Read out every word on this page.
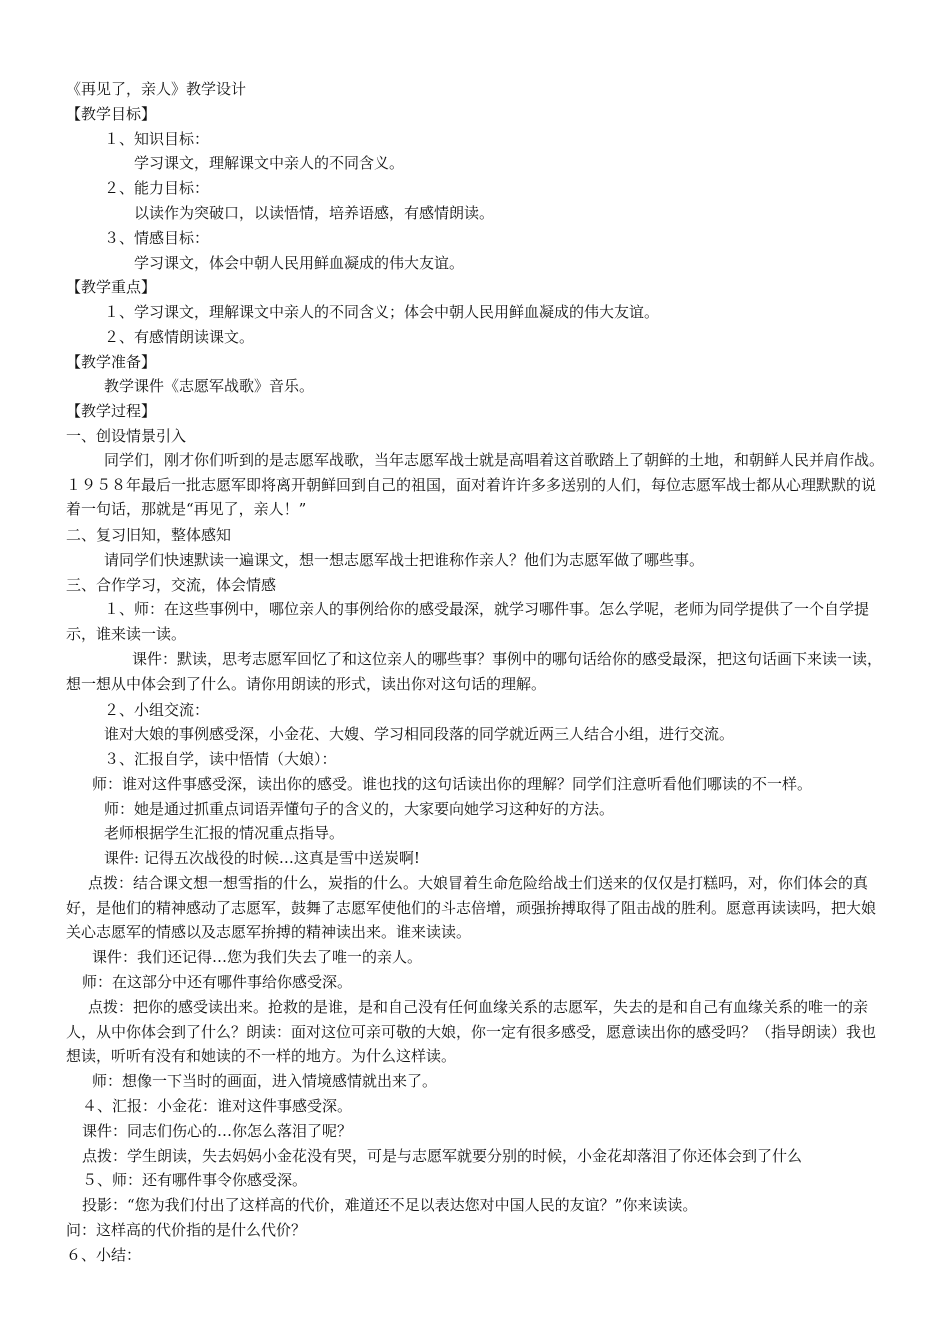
《再见了，亲人》教学设计
【教学目标】
１、知识目标：
学习课文，理解课文中亲人的不同含义。
２、能力目标：
以读作为突破口，以读悟情，培养语感，有感情朗读。
３、情感目标：
学习课文，体会中朝人民用鲜血凝成的伟大友谊。
【教学重点】
１、学习课文，理解课文中亲人的不同含义；体会中朝人民用鲜血凝成的伟大友谊。
２、有感情朗读课文。
【教学准备】
教学课件《志愿军战歌》音乐。
【教学过程】
一、创设情景引入
同学们，刚才你们听到的是志愿军战歌，当年志愿军战士就是高唱着这首歌踏上了朝鲜的土地，和朝鲜人民并肩作战。１９５８年最后一批志愿军即将离开朝鲜回到自己的祖国，面对着许许多多送别的人们，每位志愿军战士都从心理默默的说着一句话，那就是“再见了，亲人！”
二、复习旧知，整体感知
请同学们快速默读一遍课文，想一想志愿军战士把谁称作亲人？他们为志愿军做了哪些事。
三、合作学习，交流，体会情感
１、师：在这些事例中，哪位亲人的事例给你的感受最深，就学习哪件事。怎么学呢，老师为同学提供了一个自学提示，谁来读一读。
课件：默读，思考志愿军回忆了和这位亲人的哪些事？事例中的哪句话给你的感受最深，把这句话画下来读一读，想一想从中体会到了什么。请你用朗读的形式，读出你对这句话的理解。
２、小组交流：
谁对大娘的事例感受深，小金花、大嫂、学习相同段落的同学就近两三人结合小组，进行交流。
３、汇报自学，读中悟情（大娘）：
师：谁对这件事感受深，读出你的感受。谁也找的这句话读出你的理解？同学们注意听看他们哪读的不一样。
师：她是通过抓重点词语弄懂句子的含义的，大家要向她学习这种好的方法。
老师根据学生汇报的情况重点指导。
课件: 记得五次战役的时候…这真是雪中送炭啊!
点拨：结合课文想一想雪指的什么，炭指的什么。大娘冒着生命危险给战士们送来的仅仅是打糕吗，对，你们体会的真好，是他们的精神感动了志愿军，鼓舞了志愿军使他们的斗志倍增，顽强拚搏取得了阻击战的胜利。愿意再读读吗，把大娘关心志愿军的情感以及志愿军拚搏的精神读出来。谁来读读。
课件：我们还记得…您为我们失去了唯一的亲人。
师：在这部分中还有哪件事给你感受深。
点拨：把你的感受读出来。抢救的是谁，是和自己没有任何血缘关系的志愿军，失去的是和自己有血缘关系的唯一的亲人，从中你体会到了什么？朗读：面对这位可亲可敬的大娘，你一定有很多感受，愿意读出你的感受吗？（指导朗读）我也想读，听听有没有和她读的不一样的地方。为什么这样读。
师：想像一下当时的画面，进入情境感情就出来了。
４、汇报：小金花：谁对这件事感受深。
课件：同志们伤心的…你怎么落泪了呢？
点拨：学生朗读，失去妈妈小金花没有哭，可是与志愿军就要分别的时候，小金花却落泪了你还体会到了什么
５、师：还有哪件事令你感受深。
投影：“您为我们付出了这样高的代价，难道还不足以表达您对中国人民的友谊？”你来读读。
问：这样高的代价指的是什么代价？
６、小结：
